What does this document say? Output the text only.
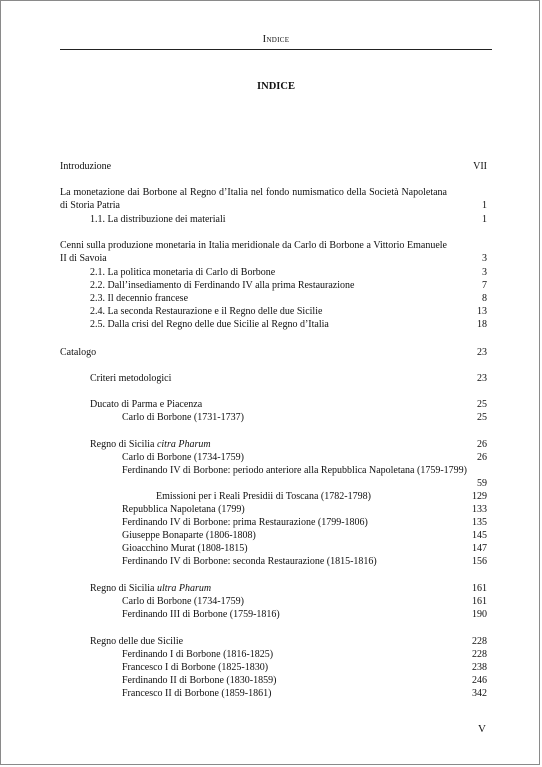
Indice
INDICE
Introduzione	VII
La monetazione dai Borbone al Regno d’Italia nel fondo numismatico della Società Napoletana di Storia Patria	1
1.1. La distribuzione dei materiali	1
Cenni sulla produzione monetaria in Italia meridionale da Carlo di Borbone a Vittorio Emanuele II di Savoia	3
2.1. La politica monetaria di Carlo di Borbone	3
2.2. Dall’insediamento di Ferdinando IV alla prima Restaurazione	7
2.3. Il decennio francese	8
2.4. La seconda Restaurazione e il Regno delle due Sicilie	13
2.5. Dalla crisi del Regno delle due Sicilie al Regno d’Italia	18
Catalogo	23
Criteri metodologici	23
Ducato di Parma e Piacenza	25
Carlo di Borbone (1731-1737)	25
Regno di Sicilia citra Pharum	26
Carlo di Borbone (1734-1759)	26
Ferdinando IV di Borbone: periodo anteriore alla Repubblica Napoletana (1759-1799)
59
Emissioni per i Reali Presidii di Toscana (1782-1798)	129
Repubblica Napoletana (1799)	133
Ferdinando IV di Borbone: prima Restaurazione (1799-1806)	135
Giuseppe Bonaparte (1806-1808)	145
Gioacchino Murat (1808-1815)	147
Ferdinando IV di Borbone: seconda Restaurazione (1815-1816)	156
Regno di Sicilia ultra Pharum	161
Carlo di Borbone (1734-1759)	161
Ferdinando III di Borbone (1759-1816)	190
Regno delle due Sicilie	228
Ferdinando I di Borbone (1816-1825)	228
Francesco I di Borbone (1825-1830)	238
Ferdinando II di Borbone (1830-1859)	246
Francesco II di Borbone (1859-1861)	342
V
